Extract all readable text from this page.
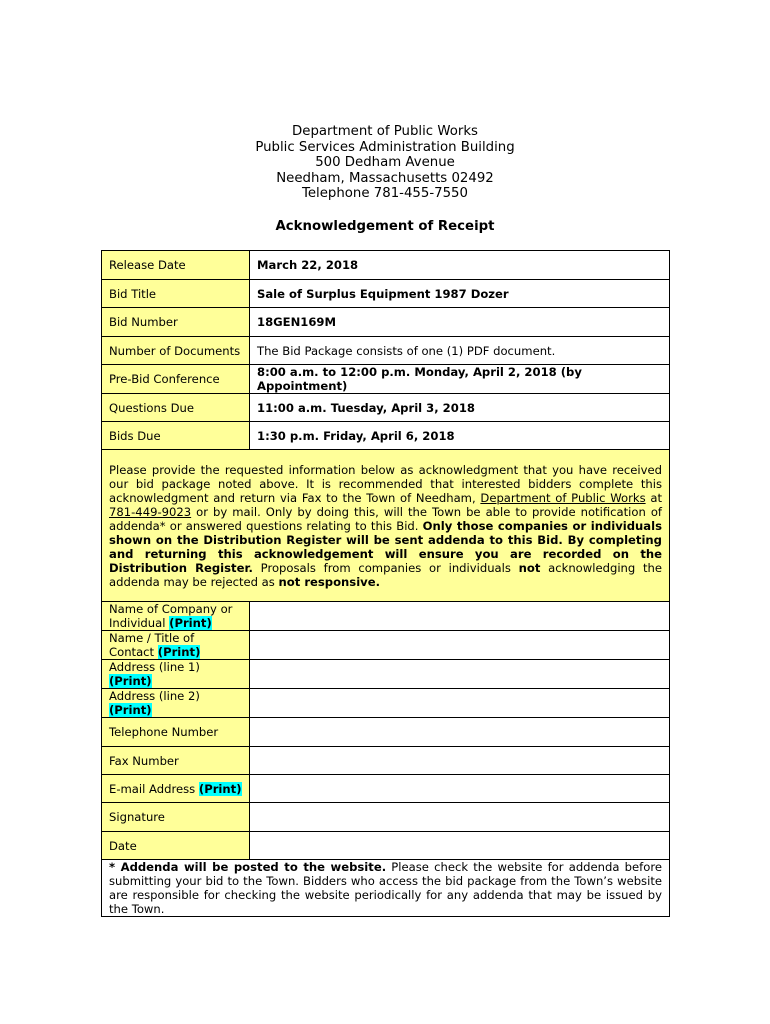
Department of Public Works
Public Services Administration Building
500 Dedham Avenue
Needham, Massachusetts 02492
Telephone 781-455-7550
Acknowledgement of Receipt
Release Date	March 22, 2018
Bid Title	Sale of Surplus Equipment 1987 Dozer
Bid Number	18GEN169M
Number of Documents	The Bid Package consists of one (1) PDF document.
Pre-Bid Conference	8:00 a.m. to 12:00 p.m. Monday, April 2, 2018 (by Appointment)
Questions Due	11:00 a.m. Tuesday, April 3, 2018
Bids Due	1:30 p.m. Friday, April 6, 2018
Please provide the requested information below as acknowledgment that you have received our bid package noted above. It is recommended that interested bidders complete this acknowledgment and return via Fax to the Town of Needham, Department of Public Works at 781-449-9023 or by mail. Only by doing this, will the Town be able to provide notification of addenda* or answered questions relating to this Bid. Only those companies or individuals shown on the Distribution Register will be sent addenda to this Bid. By completing and returning this acknowledgement will ensure you are recorded on the Distribution Register. Proposals from companies or individuals not acknowledging the addenda may be rejected as not responsive.	
Name of Company or Individual (Print)	
Name / Title of Contact (Print)	
Address (line 1) (Print)	
Address (line 2) (Print)	
Telephone Number	
Fax Number	
E-mail Address (Print)	
Signature	
Date	
* Addenda will be posted to the website. Please check the website for addenda before submitting your bid to the Town. Bidders who access the bid package from the Town’s website are responsible for checking the website periodically for any addenda that may be issued by the Town.	
